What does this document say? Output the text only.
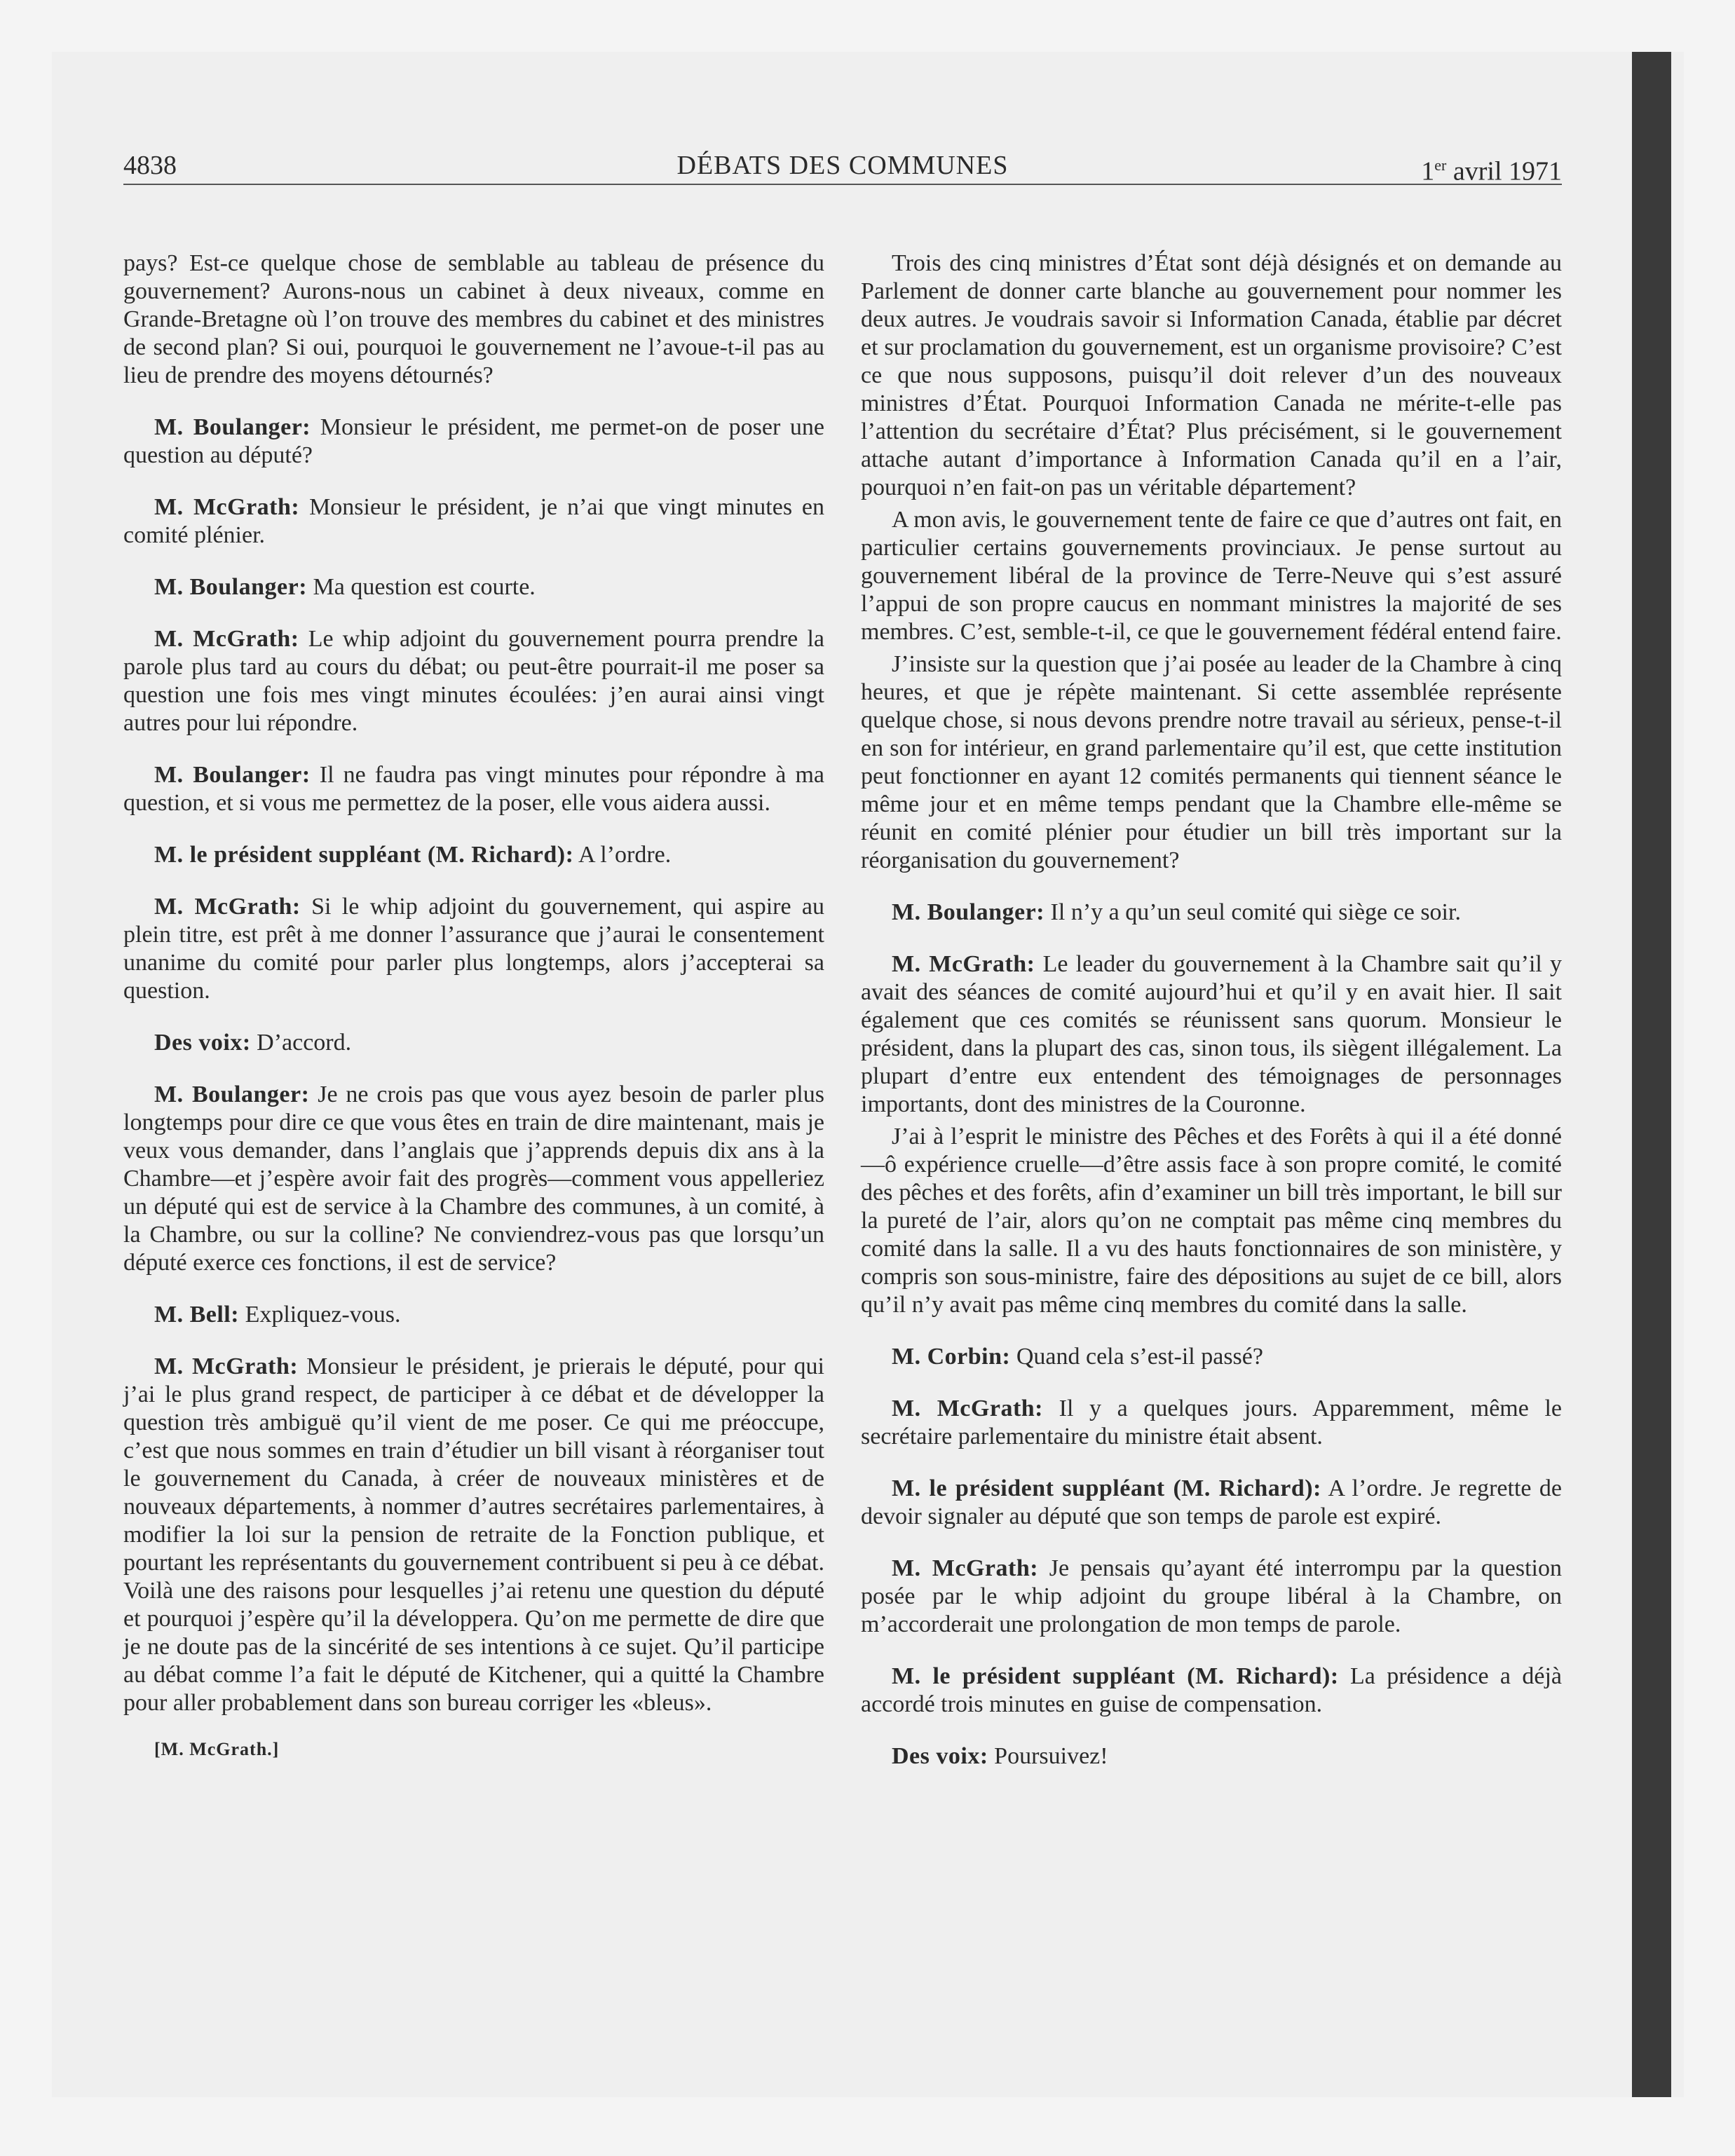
4838	DÉBATS DES COMMUNES	1er avril 1971

pays? Est-ce quelque chose de semblable au tableau de présence du gouvernement? Aurons-nous un cabinet à deux niveaux, comme en Grande-Bretagne où l’on trouve des membres du cabinet et des ministres de second plan? Si oui, pourquoi le gouvernement ne l’avoue-t-il pas au lieu de prendre des moyens détournés?

M. Boulanger: Monsieur le président, me permet-on de poser une question au député?

M. McGrath: Monsieur le président, je n’ai que vingt minutes en comité plénier.

M. Boulanger: Ma question est courte.

M. McGrath: Le whip adjoint du gouvernement pourra prendre la parole plus tard au cours du débat; ou peut-être pourrait-il me poser sa question une fois mes vingt minutes écoulées: j’en aurai ainsi vingt autres pour lui répondre.

M. Boulanger: Il ne faudra pas vingt minutes pour répondre à ma question, et si vous me permettez de la poser, elle vous aidera aussi.

M. le président suppléant (M. Richard): A l’ordre.

M. McGrath: Si le whip adjoint du gouvernement, qui aspire au plein titre, est prêt à me donner l’assurance que j’aurai le consentement unanime du comité pour parler plus longtemps, alors j’accepterai sa question.

Des voix: D’accord.

M. Boulanger: Je ne crois pas que vous ayez besoin de parler plus longtemps pour dire ce que vous êtes en train de dire maintenant, mais je veux vous demander, dans l’anglais que j’apprends depuis dix ans à la Chambre—et j’espère avoir fait des progrès—comment vous appelleriez un député qui est de service à la Chambre des communes, à un comité, à la Chambre, ou sur la colline? Ne conviendrez-vous pas que lorsqu’un député exerce ces fonctions, il est de service?

M. Bell: Expliquez-vous.

M. McGrath: Monsieur le président, je prierais le député, pour qui j’ai le plus grand respect, de participer à ce débat et de développer la question très ambiguë qu’il vient de me poser. Ce qui me préoccupe, c’est que nous sommes en train d’étudier un bill visant à réorganiser tout le gouvernement du Canada, à créer de nouveaux ministères et de nouveaux départements, à nommer d’autres secrétaires parlementaires, à modifier la loi sur la pension de retraite de la Fonction publique, et pourtant les représentants du gouvernement contribuent si peu à ce débat. Voilà une des raisons pour lesquelles j’ai retenu une question du député et pourquoi j’espère qu’il la développera. Qu’on me permette de dire que je ne doute pas de la sincérité de ses intentions à ce sujet. Qu’il participe au débat comme l’a fait le député de Kitchener, qui a quitté la Chambre pour aller probablement dans son bureau corriger les «bleus».

[M. McGrath.]

Trois des cinq ministres d’État sont déjà désignés et on demande au Parlement de donner carte blanche au gouvernement pour nommer les deux autres. Je voudrais savoir si Information Canada, établie par décret et sur proclamation du gouvernement, est un organisme provisoire? C’est ce que nous supposons, puisqu’il doit relever d’un des nouveaux ministres d’État. Pourquoi Information Canada ne mérite-t-elle pas l’attention du secrétaire d’État? Plus précisément, si le gouvernement attache autant d’importance à Information Canada qu’il en a l’air, pourquoi n’en fait-on pas un véritable département?

A mon avis, le gouvernement tente de faire ce que d’autres ont fait, en particulier certains gouvernements provinciaux. Je pense surtout au gouvernement libéral de la province de Terre-Neuve qui s’est assuré l’appui de son propre caucus en nommant ministres la majorité de ses membres. C’est, semble-t-il, ce que le gouvernement fédéral entend faire.

J’insiste sur la question que j’ai posée au leader de la Chambre à cinq heures, et que je répète maintenant. Si cette assemblée représente quelque chose, si nous devons prendre notre travail au sérieux, pense-t-il en son for intérieur, en grand parlementaire qu’il est, que cette institution peut fonctionner en ayant 12 comités permanents qui tiennent séance le même jour et en même temps pendant que la Chambre elle-même se réunit en comité plénier pour étudier un bill très important sur la réorganisation du gouvernement?

M. Boulanger: Il n’y a qu’un seul comité qui siège ce soir.

M. McGrath: Le leader du gouvernement à la Chambre sait qu’il y avait des séances de comité aujourd’hui et qu’il y en avait hier. Il sait également que ces comités se réunissent sans quorum. Monsieur le président, dans la plupart des cas, sinon tous, ils siègent illégalement. La plupart d’entre eux entendent des témoignages de personnages importants, dont des ministres de la Couronne.

J’ai à l’esprit le ministre des Pêches et des Forêts à qui il a été donné—ô expérience cruelle—d’être assis face à son propre comité, le comité des pêches et des forêts, afin d’examiner un bill très important, le bill sur la pureté de l’air, alors qu’on ne comptait pas même cinq membres du comité dans la salle. Il a vu des hauts fonctionnaires de son ministère, y compris son sous-ministre, faire des dépositions au sujet de ce bill, alors qu’il n’y avait pas même cinq membres du comité dans la salle.

M. Corbin: Quand cela s’est-il passé?

M. McGrath: Il y a quelques jours. Apparemment, même le secrétaire parlementaire du ministre était absent.

M. le président suppléant (M. Richard): A l’ordre. Je regrette de devoir signaler au député que son temps de parole est expiré.

M. McGrath: Je pensais qu’ayant été interrompu par la question posée par le whip adjoint du groupe libéral à la Chambre, on m’accorderait une prolongation de mon temps de parole.

M. le président suppléant (M. Richard): La présidence a déjà accordé trois minutes en guise de compensation.

Des voix: Poursuivez!
